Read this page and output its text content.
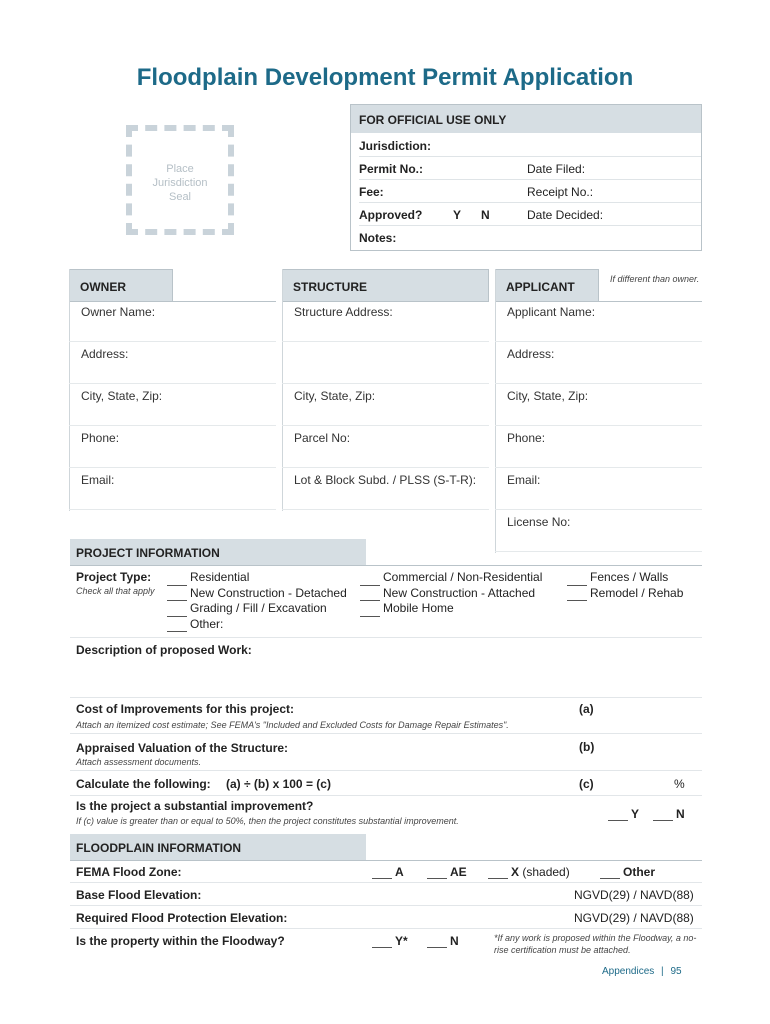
Floodplain Development Permit Application
Place
Jurisdiction
Seal
FOR OFFICIAL USE ONLY
Jurisdiction:
Permit No.:	Date Filed:
Fee:	Receipt No.:
Approved?	Y N	Date Decided:
Notes:
OWNER
Owner Name:
Address:
City, State, Zip:
Phone:
Email:
STRUCTURE
Structure Address:
City, State, Zip:
Parcel No:
Lot & Block Subd. / PLSS (S-T-R):
APPLICANT
If different than owner.
Applicant Name:
Address:
City, State, Zip:
Phone:
Email:
License No:
PROJECT INFORMATION
Project Type:
Check all that apply
Residential
New Construction - Detached
Grading / Fill / Excavation
Other:
Commercial / Non-Residential
New Construction - Attached
Mobile Home
Fences / Walls
Remodel / Rehab
Description of proposed Work:
Cost of Improvements for this project:
Attach an itemized cost estimate; See FEMA's "Included and Excluded Costs for Damage Repair Estimates".
(a)
Appraised Valuation of the Structure:
Attach assessment documents.
(b)
Calculate the following: (a) ÷ (b) x 100 = (c)	(c)	%
Is the project a substantial improvement?
If (c) value is greater than or equal to 50%, then the project constitutes substantial improvement.	Y	N
FLOODPLAIN INFORMATION
FEMA Flood Zone:	A	AE	X (shaded)	Other
Base Flood Elevation:	NGVD(29) / NAVD(88)
Required Flood Protection Elevation:	NGVD(29) / NAVD(88)
Is the property within the Floodway?	Y*	N	*If any work is proposed within the Floodway, a no-rise certification must be attached.
Appendices | 95
